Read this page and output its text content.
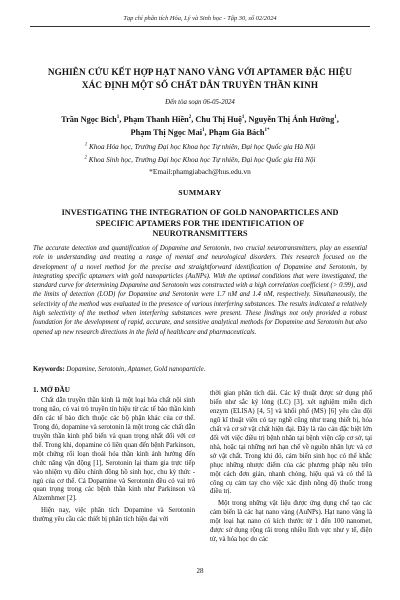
Tạp chí phân tích Hóa, Lý và Sinh học - Tập 30, số 02/2024
NGHIÊN CỨU KẾT HỢP HẠT NANO VÀNG VỚI APTAMER ĐẶC HIỆU
XÁC ĐỊNH MỘT SỐ CHẤT DẪN TRUYỀN THẦN KINH
Đến tòa soạn 06-05-2024
Trần Ngọc Bích$^1$, Phạm Thanh Hiền$^2$, Chu Thị Huệ$^1$, Nguyễn Thị Ánh Hường$^1$,
Phạm Thị Ngọc Mai$^1$, Phạm Gia Bách$^{1*}$
$^1$ Khoa Hóa học, Trường Đại học Khoa học Tự nhiên, Đại học Quốc gia Hà Nội
$^2$ Khoa Sinh học, Trường Đại học Khoa học Tự nhiên, Đại học Quốc gia Hà Nội
*Email:phamgiabach@hus.edu.vn
SUMMARY
INVESTIGATING THE INTEGRATION OF GOLD NANOPARTICLES AND
SPECIFIC APTAMERS FOR THE IDENTIFICATION OF
NEUROTRANSMITTERS
The accurate detection and quantification of Dopamine and Serotonin, two crucial neurotransmitters, play an essential role in understanding and treating a range of mental and neurological disorders. This research focused on the development of a novel method for the precise and straightforward identification of Dopamine and Serotonin, by integrating specific aptamers with gold nanoparticles (AuNPs). With the optimal conditions that were investigated, the standard curve for determining Dopamine and Serotonin was constructed with a high correlation coefficient (> 0.99), and the limits of detection (LOD) for Dopamine and Serotonin were 1.7 nM and 1.4 nM, respectively. Simultaneously, the selectivity of the method was evaluated in the presence of various interfering substances. The results indicated a relatively high selectivity of the method when interfering substances were present. These findings not only provided a robust foundation for the development of rapid, accurate, and sensitive analytical methods for Dopamine and Serotonin but also opened up new research directions in the field of healthcare and pharmaceuticals.
Keywords: Dopamine, Serotonin, Aptamer, Gold nanoparticle.
1. MỞ ĐẦU

Chất dẫn truyền thần kinh là một loại hóa chất nội sinh trong não, có vai trò truyền tín hiệu từ các tế bào thần kinh đến các tế bào đích thuộc các bộ phận khác của cơ thể. Trong đó, dopamine và serotonin là một trong các chất dẫn truyền thần kinh phổ biến và quan trọng nhất đối với cơ thể. Trong khi, dopamine có liên quan đến bệnh Parkinson, một chứng rối loạn thoái hóa thần kinh ảnh hưởng đến chức năng vận động [1], Serotonin lại tham gia trực tiếp vào nhiệm vụ điều chỉnh đồng hồ sinh học, chu kỳ thức - ngủ của cơ thể. Cả Dopamine và Serotonin đều có vai trò quan trọng trong các bệnh thần kinh như Parkinson và Alzemhmer [2].

Hiện nay, việc phân tích Dopamine và Serotonin thường yêu cầu các thiết bị phân tích hiện đại với

thời gian phân tích dài. Các kỹ thuật được sử dụng phổ biến như sắc ký lỏng (LC) [3], xét nghiệm miễn dịch enzym (ELISA) [4, 5] và khối phổ (MS) [6] yêu cầu đội ngũ kĩ thuật viên có tay nghề cũng như trang thiết bị, hóa chất và cơ sở vật chất hiện đại. Đây là rào cản đặc biệt lớn đối với việc điều trị bệnh nhân tại bệnh viện cấp cơ sở, tại nhà, hoặc tại những nơi hạn chế về nguồn nhân lực và cơ sở vật chất. Trong khi đó, cảm biến sinh học có thể khắc phục những nhược điểm của các phương pháp nêu trên một cách đơn giản, nhanh chóng, hiệu quả và có thể là công cụ cảm tay cho việc xác định nồng độ thuốc trong điều trị.

Một trong những vật liệu được ứng dụng chế tạo các cảm biến là các hạt nano vàng (AuNPs). Hạt nano vàng là một loại hạt nano có kích thước từ 1 đến 100 nanomet, được sử dụng rộng rãi trong nhiều lĩnh vực như y tế, điện tử, và hóa học do các

28
